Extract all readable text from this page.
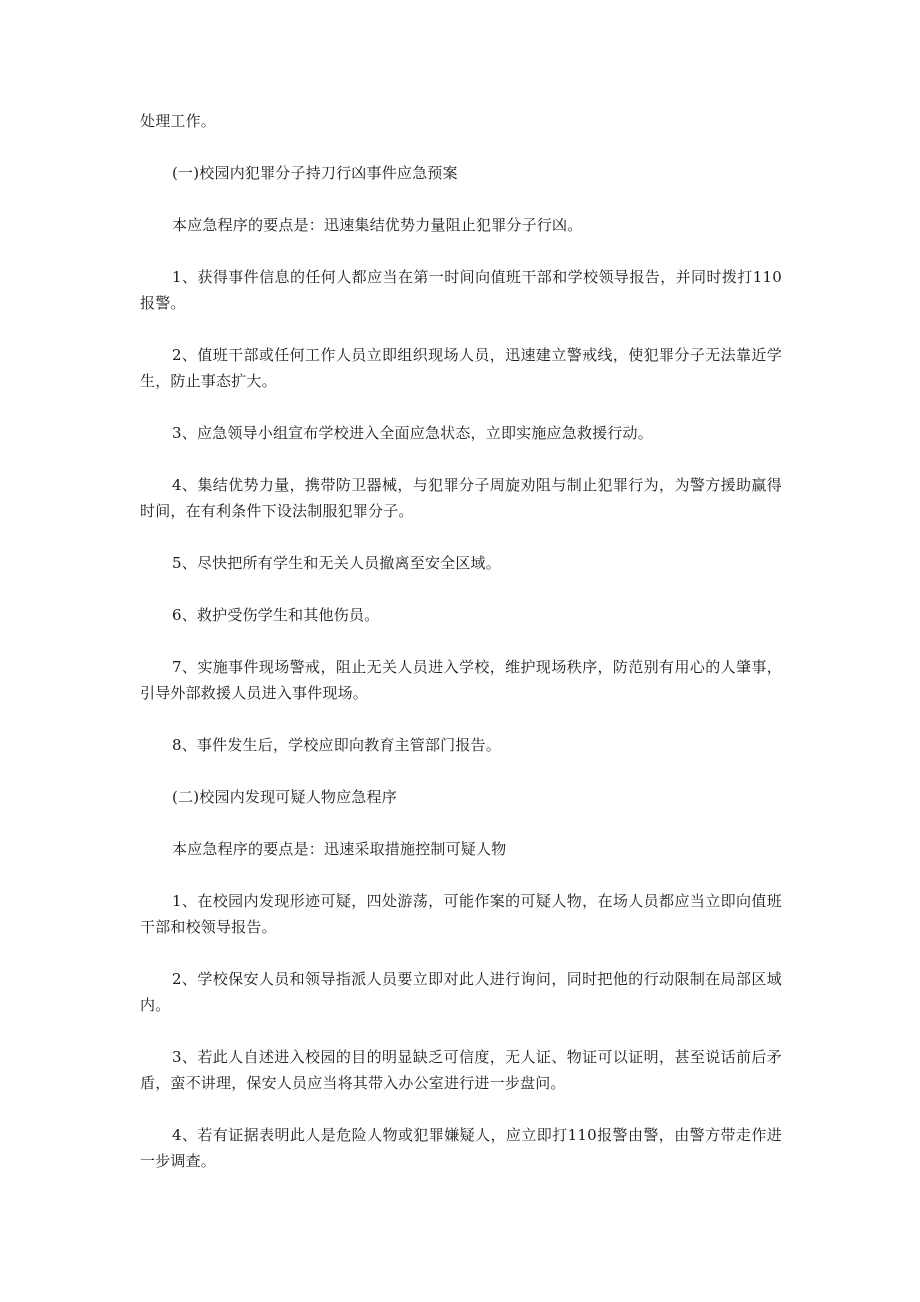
处理工作。

(一)校园内犯罪分子持刀行凶事件应急预案

本应急程序的要点是：迅速集结优势力量阻止犯罪分子行凶。

1、获得事件信息的任何人都应当在第一时间向值班干部和学校领导报告，并同时拨打110报警。

2、值班干部或任何工作人员立即组织现场人员，迅速建立警戒线，使犯罪分子无法靠近学生，防止事态扩大。

3、应急领导小组宣布学校进入全面应急状态，立即实施应急救援行动。

4、集结优势力量，携带防卫器械，与犯罪分子周旋劝阻与制止犯罪行为，为警方援助赢得时间，在有利条件下设法制服犯罪分子。

5、尽快把所有学生和无关人员撤离至安全区域。

6、救护受伤学生和其他伤员。

7、实施事件现场警戒，阻止无关人员进入学校，维护现场秩序，防范别有用心的人肇事，引导外部救援人员进入事件现场。

8、事件发生后，学校应即向教育主管部门报告。

(二)校园内发现可疑人物应急程序

本应急程序的要点是：迅速采取措施控制可疑人物

1、在校园内发现形迹可疑，四处游荡，可能作案的可疑人物，在场人员都应当立即向值班干部和校领导报告。

2、学校保安人员和领导指派人员要立即对此人进行询问，同时把他的行动限制在局部区域内。

3、若此人自述进入校园的目的明显缺乏可信度，无人证、物证可以证明，甚至说话前后矛盾，蛮不讲理，保安人员应当将其带入办公室进行进一步盘问。

4、若有证据表明此人是危险人物或犯罪嫌疑人，应立即打110报警由警，由警方带走作进一步调查。
